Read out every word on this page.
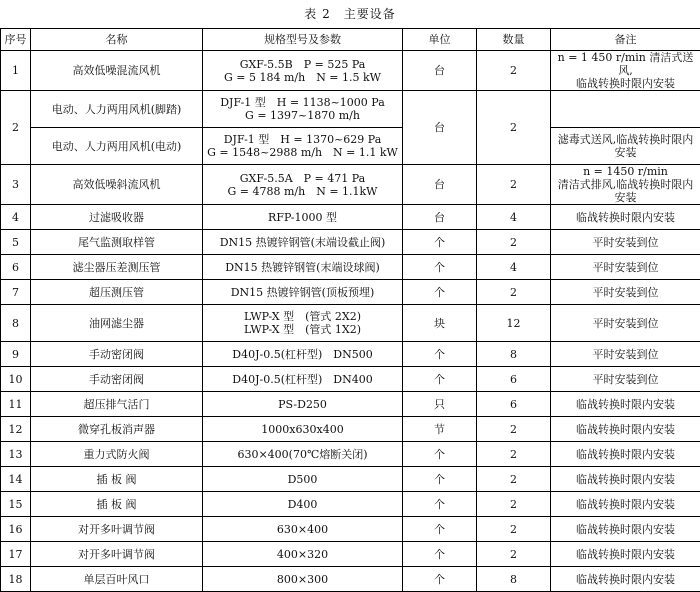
表 2　主要设备
序号	名称	规格型号及参数	单位	数量	备注
1	高效低噪混流风机	GXF-5.5B　P = 525 Pa
G = 5 184 m/h　N = 1.5 kW	台	2	n = 1 450 r/min 清洁式送风,
临战转换时限内安装

2	电动、人力两用风机(脚踏)	DJF-1 型　H = 1138~1000 Pa
G = 1397~1870 m/h	台	2	
	电动、人力两用风机(电动)	DJF-1 型　H = 1370~629 Pa
G = 1548~2988 m/h　N = 1.1 kW			滤毒式送风,临战转换时限内安装
3	高效低噪斜流风机	GXF-5.5A　P = 471 Pa
G = 4788 m/h　N = 1.1kW	台	2	n = 1450 r/min
清洁式排风,临战转换时限内安装

4	过滤吸收器	RFP-1000 型	台	4	临战转换时限内安装
5	尾气监测取样管	DN15 热镀锌钢管(末端设截止阀)	个	2	平时安装到位
6	滤尘器压差测压管	DN15 热镀锌钢管(末端设球阀)	个	4	平时安装到位
7	超压测压管	DN15 热镀锌钢管(顶板预埋)	个	2	平时安装到位
8	油网滤尘器	LWP-X 型　(管式 2X2)
LWP-X 型　(管式 1X2)	块	12	平时安装到位
9	手动密闭阀	D40J-0.5(杠杆型)　DN500	个	8	平时安装到位
10	手动密闭阀	D40J-0.5(杠杆型)　DN400	个	6	平时安装到位
11	超压排气活门	PS-D250	只	6	临战转换时限内安装
12	微穿孔板消声器	1000x630x400	节	2	临战转换时限内安装
13	重力式防火阀	630×400(70℃熔断关闭)	个	2	临战转换时限内安装
14	插 板 阀	D500	个	2	临战转换时限内安装
15	插 板 阀	D400	个	2	临战转换时限内安装
16	对开多叶调节阀	630×400	个	2	临战转换时限内安装
17	对开多叶调节阀	400×320	个	2	临战转换时限内安装
18	单层百叶风口	800×300	个	8	临战转换时限内安装
